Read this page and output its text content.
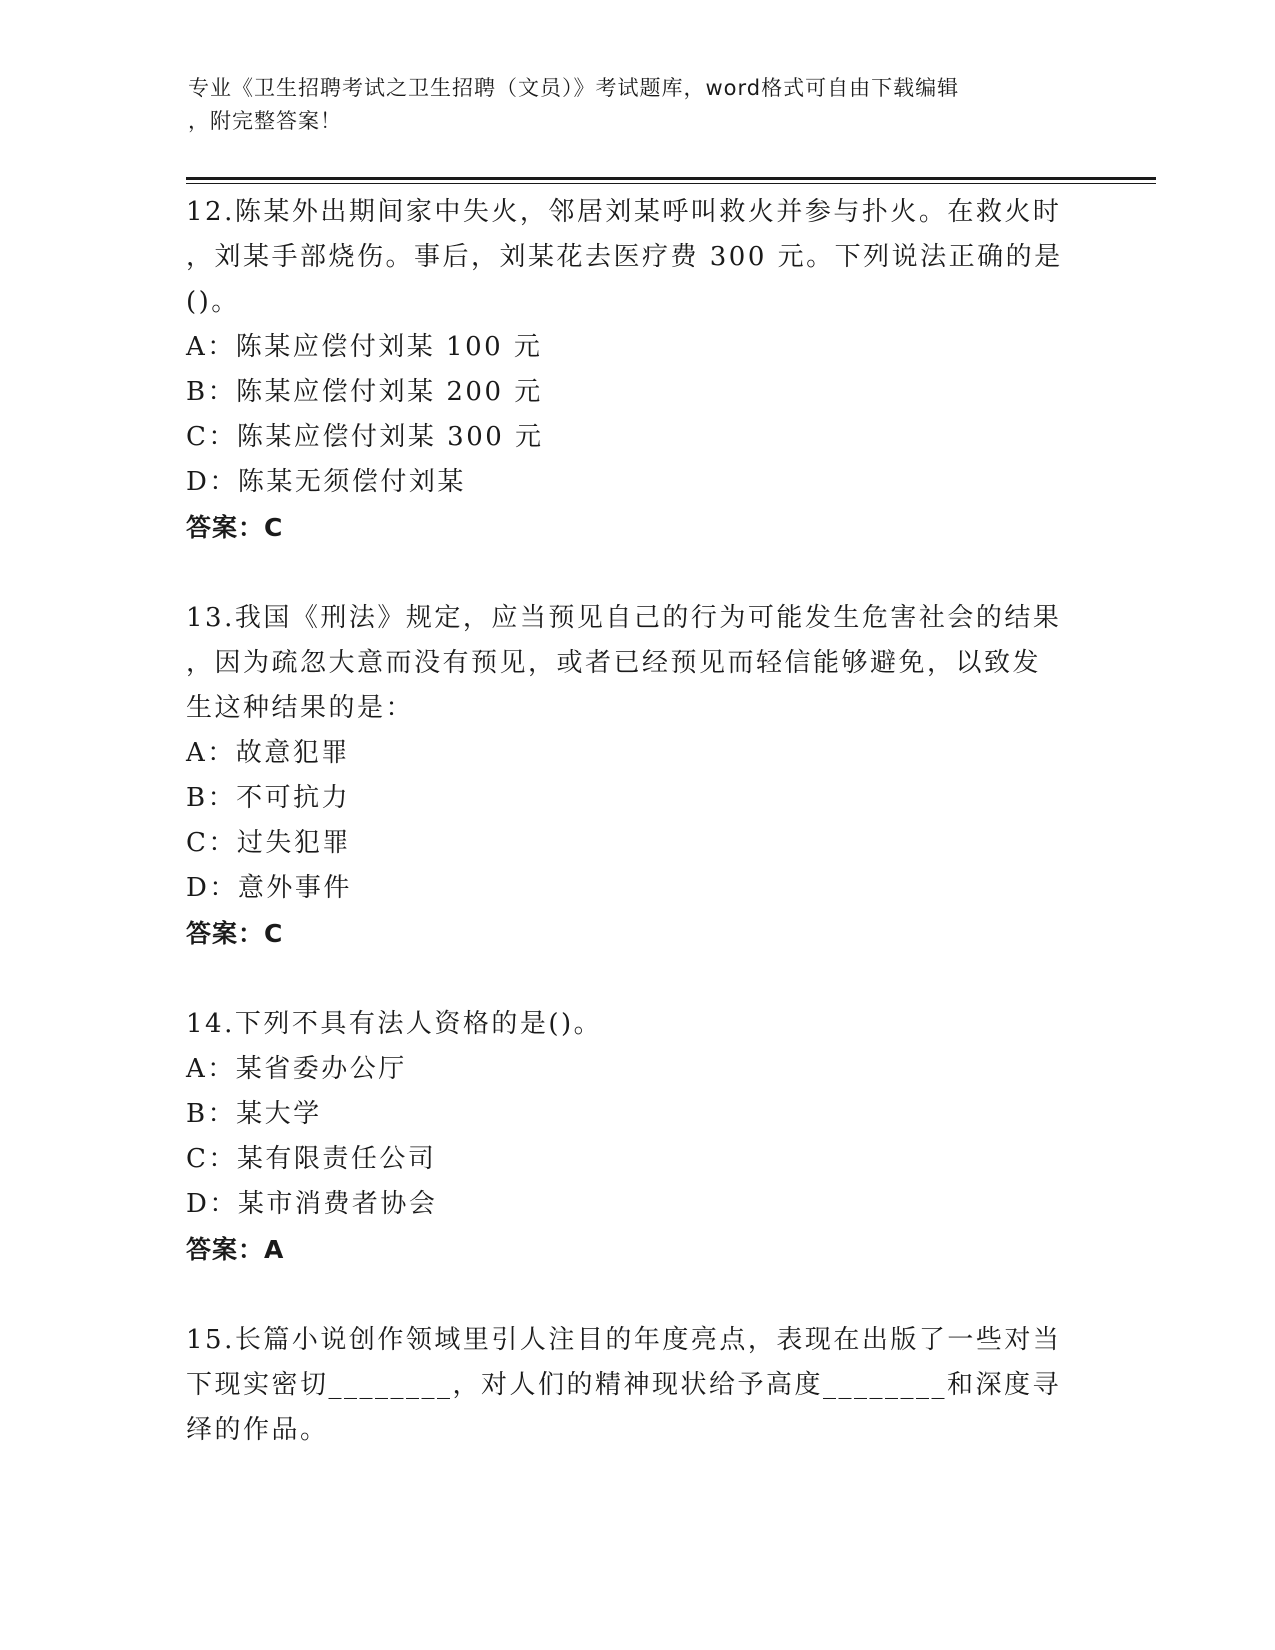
专业《卫生招聘考试之卫生招聘（文员）》考试题库，word格式可自由下载编辑
，附完整答案！
12.陈某外出期间家中失火，邻居刘某呼叫救火并参与扑火。在救火时
，刘某手部烧伤。事后，刘某花去医疗费 300 元。下列说法正确的是
()。
A：陈某应偿付刘某 100 元
B：陈某应偿付刘某 200 元
C：陈某应偿付刘某 300 元
D：陈某无须偿付刘某
答案：C
13.我国《刑法》规定，应当预见自己的行为可能发生危害社会的结果
，因为疏忽大意而没有预见，或者已经预见而轻信能够避免，以致发
生这种结果的是：
A：故意犯罪
B：不可抗力
C：过失犯罪
D：意外事件
答案：C
14.下列不具有法人资格的是()。
A：某省委办公厅
B：某大学
C：某有限责任公司
D：某市消费者协会
答案：A
15.长篇小说创作领域里引人注目的年度亮点，表现在出版了一些对当
下现实密切________，对人们的精神现状给予高度________和深度寻
绎的作品。
